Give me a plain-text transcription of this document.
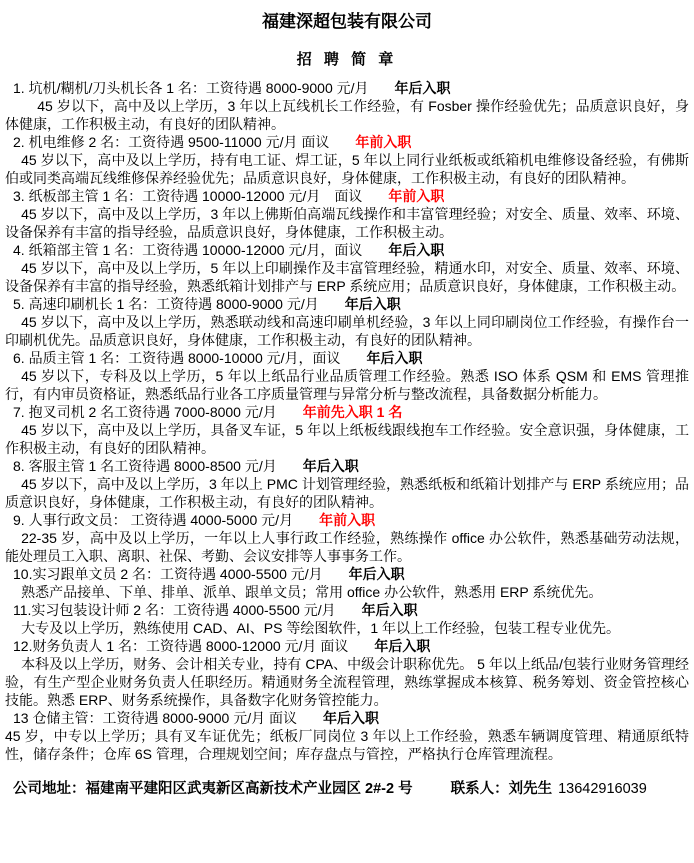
福建深超包装有限公司
招 聘 简 章
1. 坑机/糊机/刀头机长各 1 名：工资待遇 8000-9000 元/月 年后入职

45 岁以下，高中及以上学历，3 年以上瓦线机长工作经验，有 Fosber 操作经验优先；品质意识良好，身体健康，工作积极主动，有良好的团队精神。

2. 机电维修 2 名：工资待遇 9500-11000 元/月 面议 年前入职

45 岁以下，高中及以上学历，持有电工证、焊工证，5 年以上同行业纸板或纸箱机电维修设备经验，有佛斯伯或同类高端瓦线维修保养经验优先；品质意识良好，身体健康，工作积极主动，有良好的团队精神。

3. 纸板部主管 1 名：工资待遇 10000-12000 元/月　面议 年前入职

45 岁以下，高中及以上学历，3 年以上佛斯伯高端瓦线操作和丰富管理经验；对安全、质量、效率、环境、设备保养有丰富的指导经验，品质意识良好，身体健康，工作积极主动。

4. 纸箱部主管 1 名：工资待遇 10000-12000 元/月，面议 年后入职

45 岁以下，高中及以上学历，5 年以上印刷操作及丰富管理经验，精通水印，对安全、质量、效率、环境、设备保养有丰富的指导经验，熟悉纸箱计划排产与 ERP 系统应用；品质意识良好，身体健康，工作积极主动。

5. 高速印刷机长 1 名：工资待遇 8000-9000 元/月 年后入职

45 岁以下，高中及以上学历，熟悉联动线和高速印刷单机经验，3 年以上同印刷岗位工作经验，有操作台一印刷机优先。品质意识良好，身体健康，工作积极主动，有良好的团队精神。

6. 品质主管 1 名：工资待遇 8000-10000 元/月，面议 年后入职

45 岁以下，专科及以上学历，5 年以上纸品行业品质管理工作经验。熟悉 ISO 体系 QSM 和 EMS 管理推行，有内审员资格证，熟悉纸品行业各工序质量管理与异常分析与整改流程，具备数据分析能力。

7. 抱叉司机 2 名工资待遇 7000-8000 元/月 年前先入职 1 名

45 岁以下，高中及以上学历，具备叉车证，5 年以上纸板线跟线抱车工作经验。安全意识强，身体健康，工作积极主动，有良好的团队精神。

8. 客服主管 1 名工资待遇 8000-8500 元/月 年后入职

45 岁以下，高中及以上学历，3 年以上 PMC 计划管理经验，熟悉纸板和纸箱计划排产与 ERP 系统应用；品质意识良好，身体健康，工作积极主动，有良好的团队精神。

9. 人事行政文员： 工资待遇 4000-5000 元/月 年前入职

22-35 岁，高中及以上学历，一年以上人事行政工作经验，熟练操作 office 办公软件，熟悉基础劳动法规，能处理员工入职、离职、社保、考勤、会议安排等人事事务工作。

10.实习跟单文员 2 名：工资待遇 4000-5500 元/月 年后入职

熟悉产品接单、下单、排单、派单、跟单文员；常用 office 办公软件，熟悉用 ERP 系统优先。

11.实习包装设计师 2 名：工资待遇 4000-5500 元/月 年后入职

大专及以上学历，熟练使用 CAD、AI、PS 等绘图软件，1 年以上工作经验，包装工程专业优先。

12.财务负责人 1 名：工资待遇 8000-12000 元/月 面议 年后入职

本科及以上学历，财务、会计相关专业，持有 CPA、中级会计职称优先。 5 年以上纸品/包装行业财务管理经验，有生产型企业财务负责人任职经历。精通财务全流程管理，熟练掌握成本核算、税务筹划、资金管控核心技能。熟悉 ERP、财务系统操作，具备数字化财务管控能力。

13 仓储主管：工资待遇 8000-9000 元/月 面议 年后入职

45 岁，中专以上学历；具有叉车证优先；纸板厂同岗位 3 年以上工作经验，熟悉车辆调度管理、精通原纸特性，储存条件；仓库 6S 管理，合理规划空间；库存盘点与管控，严格执行仓库管理流程。

公司地址：福建南平建阳区武夷新区高新技术产业园区 2#-2 号	联系人：刘先生 13642916039
